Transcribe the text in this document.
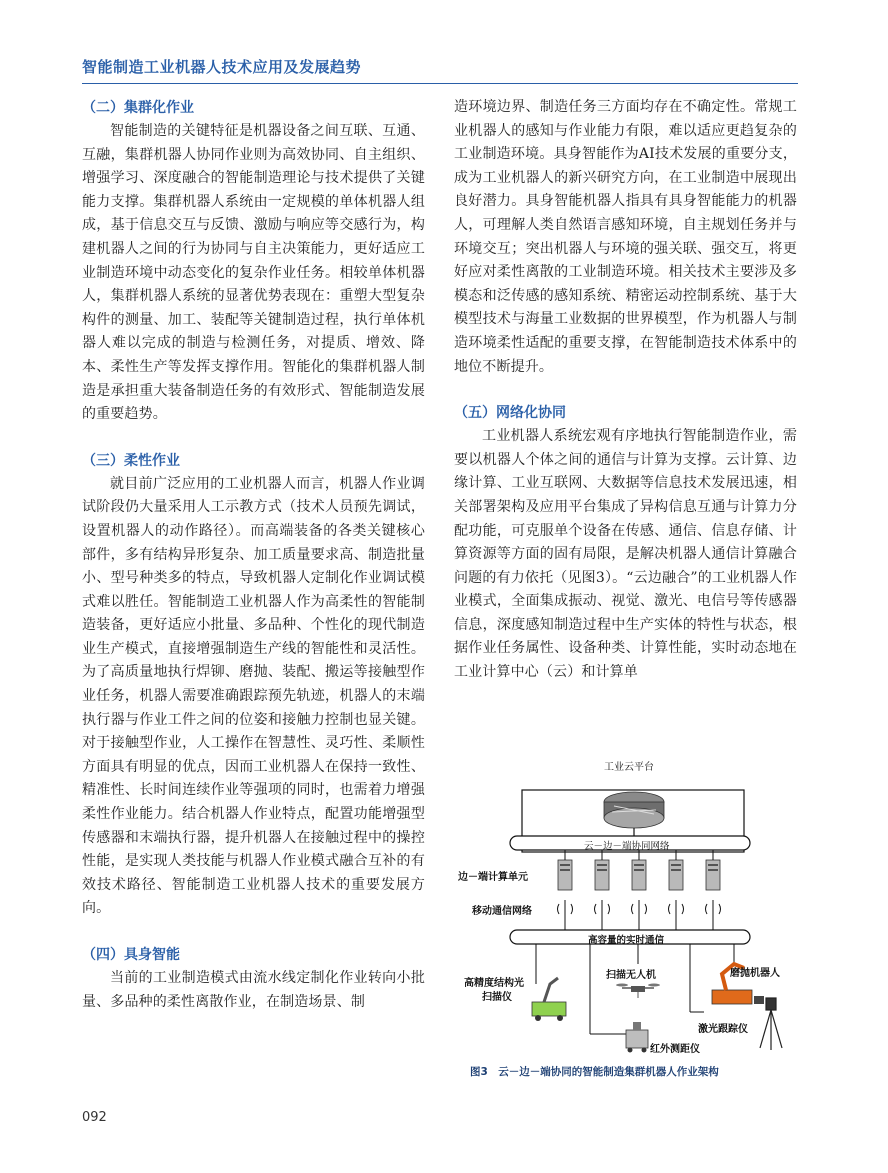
智能制造工业机器人技术应用及发展趋势
（二）集群化作业

智能制造的关键特征是机器设备之间互联、互通、互融，集群机器人协同作业则为高效协同、自主组织、增强学习、深度融合的智能制造理论与技术提供了关键能力支撑。集群机器人系统由一定规模的单体机器人组成，基于信息交互与反馈、激励与响应等交感行为，构建机器人之间的行为协同与自主决策能力，更好适应工业制造环境中动态变化的复杂作业任务。相较单体机器人，集群机器人系统的显著优势表现在：重塑大型复杂构件的测量、加工、装配等关键制造过程，执行单体机器人难以完成的制造与检测任务，对提质、增效、降本、柔性生产等发挥支撑作用。智能化的集群机器人制造是承担重大装备制造任务的有效形式、智能制造发展的重要趋势。

（三）柔性作业

就目前广泛应用的工业机器人而言，机器人作业调试阶段仍大量采用人工示教方式（技术人员预先调试，设置机器人的动作路径）。而高端装备的各类关键核心部件，多有结构异形复杂、加工质量要求高、制造批量小、型号种类多的特点，导致机器人定制化作业调试模式难以胜任。智能制造工业机器人作为高柔性的智能制造装备，更好适应小批量、多品种、个性化的现代制造业生产模式，直接增强制造生产线的智能性和灵活性。为了高质量地执行焊铆、磨抛、装配、搬运等接触型作业任务，机器人需要准确跟踪预先轨迹，机器人的末端执行器与作业工件之间的位姿和接触力控制也显关键。对于接触型作业，人工操作在智慧性、灵巧性、柔顺性方面具有明显的优点，因而工业机器人在保持一致性、精准性、长时间连续作业等强项的同时，也需着力增强柔性作业能力。结合机器人作业特点，配置功能增强型传感器和末端执行器，提升机器人在接触过程中的操控性能，是实现人类技能与机器人作业模式融合互补的有效技术路径、智能制造工业机器人技术的重要发展方向。

（四）具身智能

当前的工业制造模式由流水线定制化作业转向小批量、多品种的柔性离散作业，在制造场景、制

造环境边界、制造任务三方面均存在不确定性。常规工业机器人的感知与作业能力有限，难以适应更趋复杂的工业制造环境。具身智能作为AI技术发展的重要分支，成为工业机器人的新兴研究方向，在工业制造中展现出良好潜力。具身智能机器人指具有具身智能能力的机器人，可理解人类自然语言感知环境，自主规划任务并与环境交互；突出机器人与环境的强关联、强交互，将更好应对柔性离散的工业制造环境。相关技术主要涉及多模态和泛传感的感知系统、精密运动控制系统、基于大模型技术与海量工业数据的世界模型，作为机器人与制造环境柔性适配的重要支撑，在智能制造技术体系中的地位不断提升。

（五）网络化协同

工业机器人系统宏观有序地执行智能制造作业，需要以机器人个体之间的通信与计算为支撑。云计算、边缘计算、工业互联网、大数据等信息技术发展迅速，相关部署架构及应用平台集成了异构信息互通与计算力分配功能，可克服单个设备在传感、通信、信息存储、计算资源等方面的固有局限，是解决机器人通信计算融合问题的有力依托（见图3）。“云边融合”的工业机器人作业模式，全面集成振动、视觉、激光、电信号等传感器信息，深度感知制造过程中生产实体的特性与状态，根据作业任务属性、设备种类、计算性能，实时动态地在工业计算中心（云）和计算单

工业云平台
云－边－端协同网络
边－端计算单元
移动通信网络
高容量的实时通信
高精度结构光
扫描仪
扫描无人机	磨抛机器人
激光跟踪仪
红外测距仪
图3　云－边－端协同的智能制造集群机器人作业架构
092
